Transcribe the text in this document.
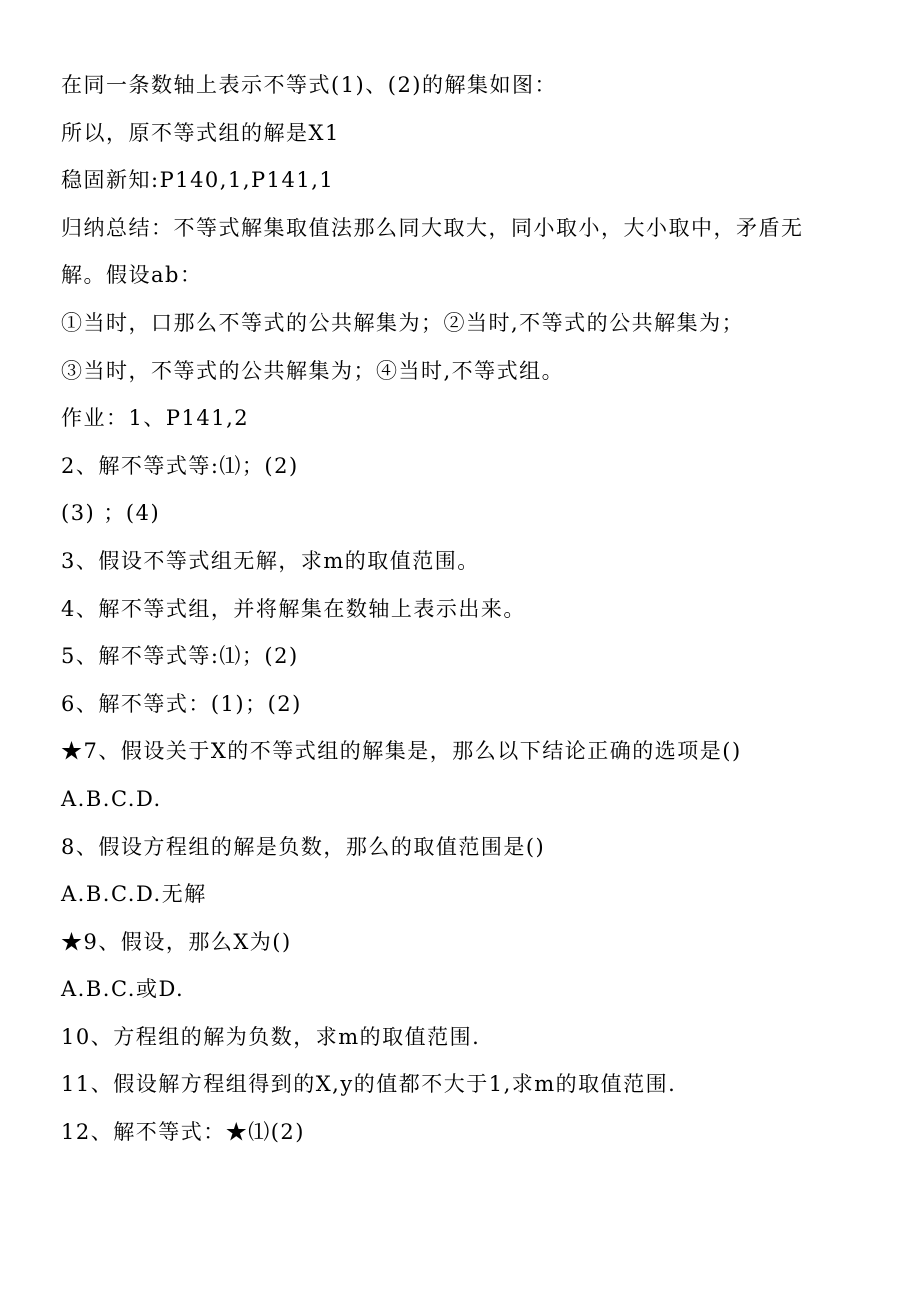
在同一条数轴上表示不等式(1)、(2)的解集如图：
所以，原不等式组的解是X1
稳固新知:P140,1,P141,1
归纳总结：不等式解集取值法那么同大取大，同小取小，大小取中，矛盾无
解。假设ab：
①当时，口那么不等式的公共解集为；②当时,不等式的公共解集为；
③当时，不等式的公共解集为；④当时,不等式组。
作业：1、P141,2
2、解不等式等:⑴；(2)
(3) ；(4)
3、假设不等式组无解，求m的取值范围。
4、解不等式组，并将解集在数轴上表示出来。
5、解不等式等:⑴；(2)
6、解不等式：(1)；(2)
★7、假设关于X的不等式组的解集是，那么以下结论正确的选项是()
A.B.C.D.
8、假设方程组的解是负数，那么的取值范围是()
A.B.C.D.无解
★9、假设，那么X为()
A.B.C.或D.
10、方程组的解为负数，求m的取值范围.
11、假设解方程组得到的X,y的值都不大于1,求m的取值范围.
12、解不等式：★⑴(2)
